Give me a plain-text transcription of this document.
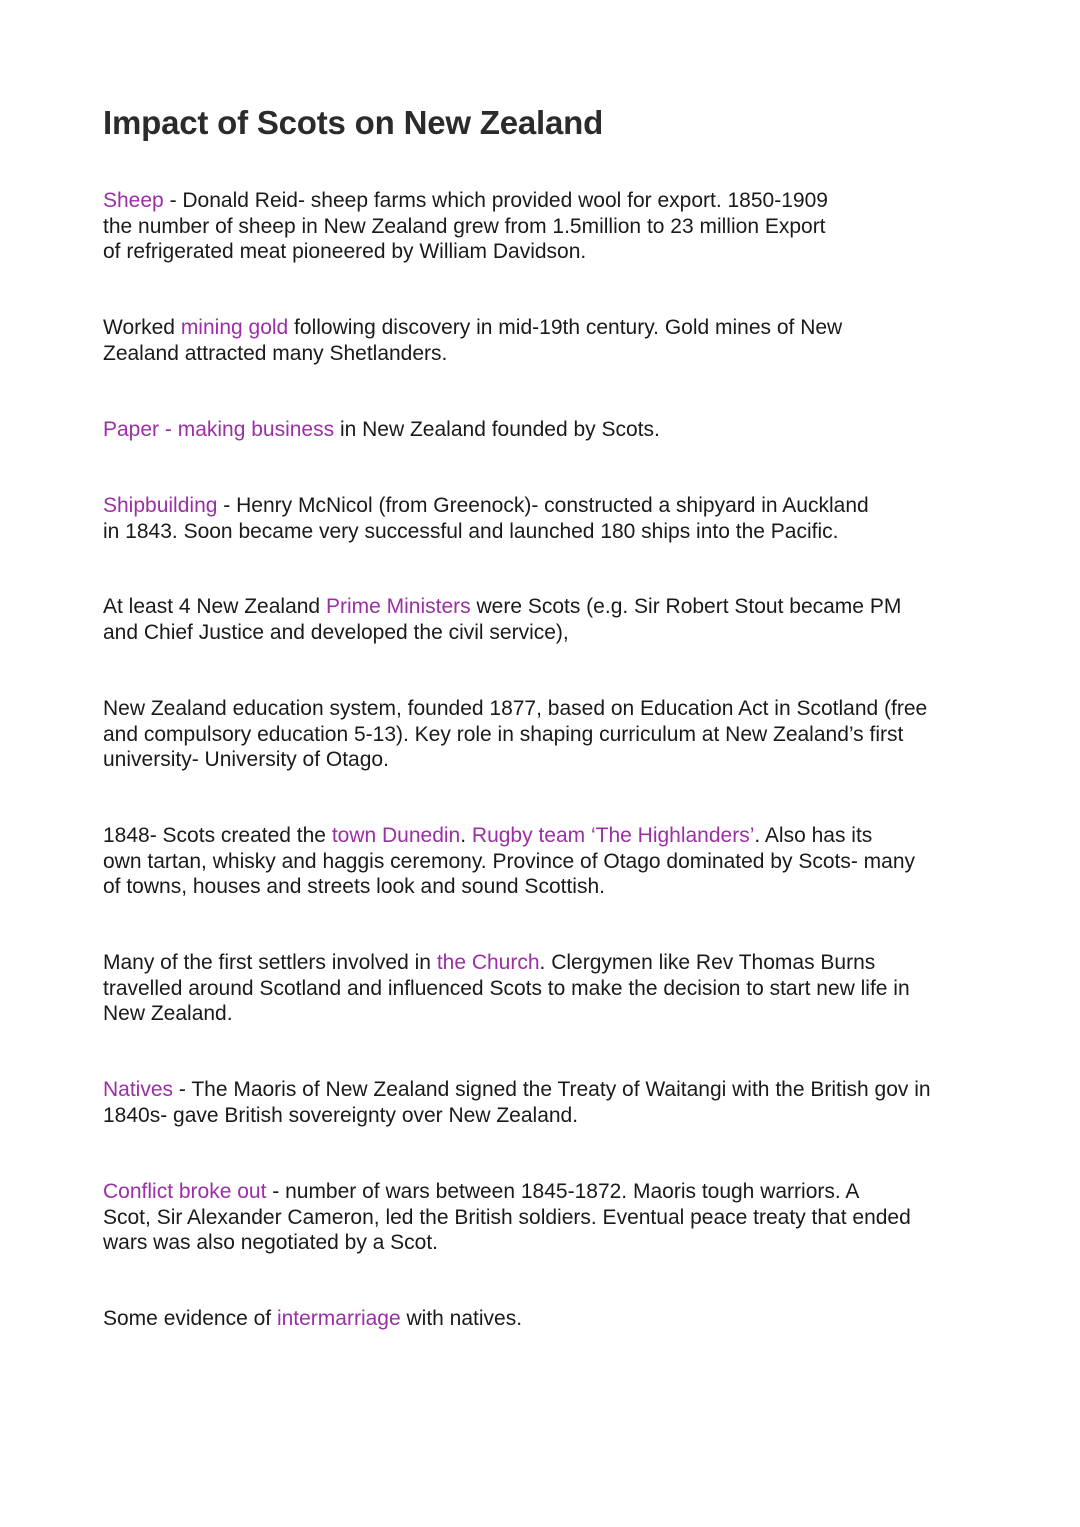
Impact of Scots on New Zealand

Sheep - Donald Reid- sheep farms which provided wool for export. 1850-1909
the number of sheep in New Zealand grew from 1.5million to 23 million Export
of refrigerated meat pioneered by William Davidson.

Worked mining gold following discovery in mid-19th century. Gold mines of New
Zealand attracted many Shetlanders.

Paper - making business in New Zealand founded by Scots.

Shipbuilding - Henry McNicol (from Greenock)- constructed a shipyard in Auckland
in 1843. Soon became very successful and launched 180 ships into the Pacific.

At least 4 New Zealand Prime Ministers were Scots (e.g. Sir Robert Stout became PM
and Chief Justice and developed the civil service),

New Zealand education system, founded 1877, based on Education Act in Scotland (free
and compulsory education 5-13). Key role in shaping curriculum at New Zealand’s first
university- University of Otago.

1848- Scots created the town Dunedin. Rugby team ‘The Highlanders’. Also has its
own tartan, whisky and haggis ceremony. Province of Otago dominated by Scots- many
of towns, houses and streets look and sound Scottish.

Many of the first settlers involved in the Church. Clergymen like Rev Thomas Burns
travelled around Scotland and influenced Scots to make the decision to start new life in
New Zealand.

Natives - The Maoris of New Zealand signed the Treaty of Waitangi with the British gov in
1840s- gave British sovereignty over New Zealand.

Conflict broke out - number of wars between 1845-1872. Maoris tough warriors. A
Scot, Sir Alexander Cameron, led the British soldiers. Eventual peace treaty that ended
wars was also negotiated by a Scot.

Some evidence of intermarriage with natives.
